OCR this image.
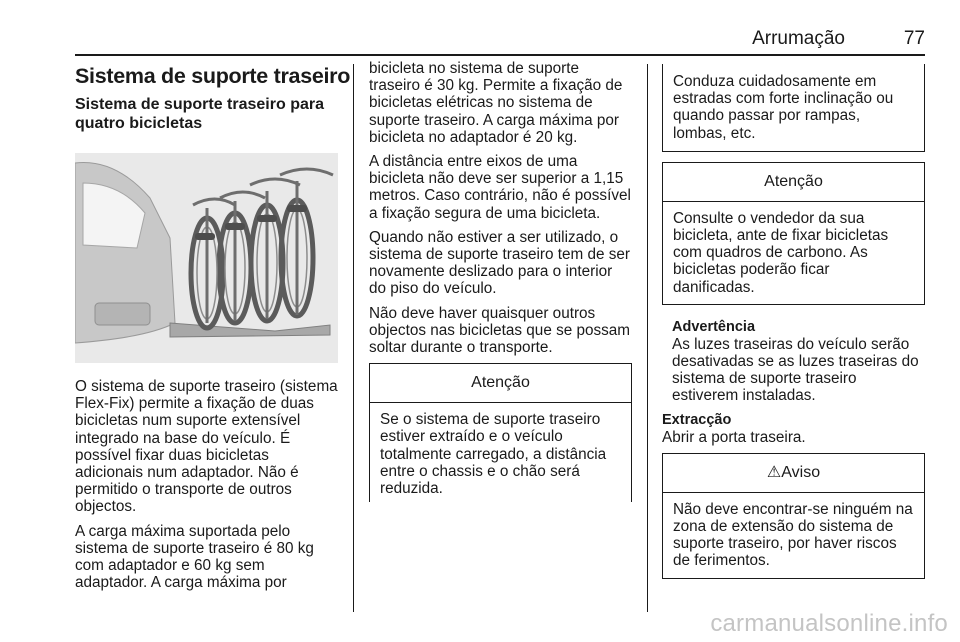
Arrumação	77
Sistema de suporte traseiro
Sistema de suporte traseiro para quatro bicicletas

O sistema de suporte traseiro (sistema Flex-Fix) permite a fixação de duas bicicletas num suporte extensível integrado na base do veículo. É possível fixar duas bicicletas adicionais num adaptador. Não é permitido o transporte de outros objectos.

A carga máxima suportada pelo sistema de suporte traseiro é 80 kg com adaptador e 60 kg sem adaptador. A carga máxima por

bicicleta no sistema de suporte traseiro é 30 kg. Permite a fixação de bicicletas elétricas no sistema de suporte traseiro. A carga máxima por bicicleta no adaptador é 20 kg.

A distância entre eixos de uma bicicleta não deve ser superior a 1,15 metros. Caso contrário, não é possível a fixação segura de uma bicicleta.

Quando não estiver a ser utilizado, o sistema de suporte traseiro tem de ser novamente deslizado para o interior do piso do veículo.

Não deve haver quaisquer outros objectos nas bicicletas que se possam soltar durante o transporte.

Atenção

Se o sistema de suporte traseiro estiver extraído e o veículo totalmente carregado, a distância entre o chassis e o chão será reduzida.

Conduza cuidadosamente em estradas com forte inclinação ou quando passar por rampas, lombas, etc.

Atenção

Consulte o vendedor da sua bicicleta, ante de fixar bicicletas com quadros de carbono. As bicicletas poderão ficar danificadas.

Advertência

As luzes traseiras do veículo serão desativadas se as luzes traseiras do sistema de suporte traseiro estiverem instaladas.

Extracção

Abrir a porta traseira.

⚠Aviso

Não deve encontrar-se ninguém na zona de extensão do sistema de suporte traseiro, por haver riscos de ferimentos.

carmanualsonline.info
